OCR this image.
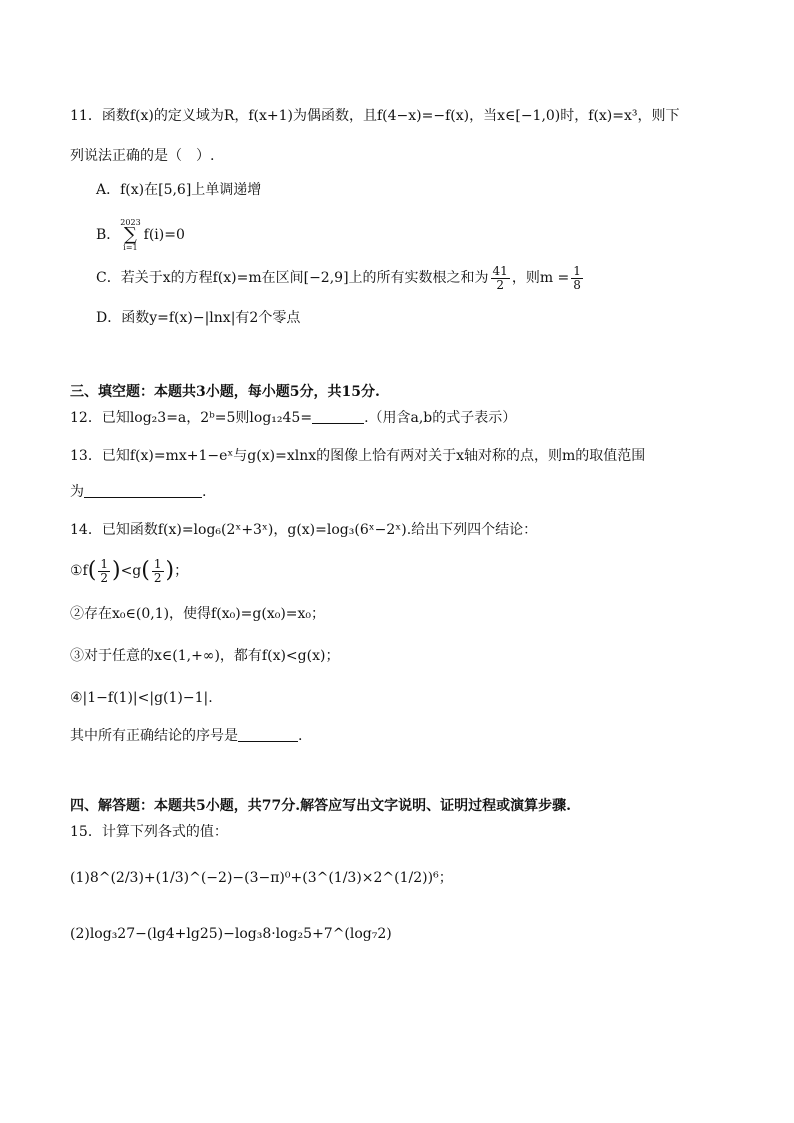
11．函数f(x)的定义域为R，f(x+1)为偶函数，且f(4−x)=−f(x)，当x∈[−1,0)时，f(x)=x³，则下
列说法正确的是（　）.
A．f(x)在[5,6]上单调递增
B．2023
∑
i=1f(i)=0
C．若关于x的方程f(x)=m在区间[−2,9]上的所有实数根之和为 $\frac{41}{2}$ ，则$m = \frac{1}{8}$
D．函数y=f(x)−|lnx|有2个零点
三、填空题：本题共3小题，每小题5分，共15分.
12．已知log₂3=a，2ᵇ=5则log₁₂45=	.（用含a,b的式子表示）
13．已知f(x)=mx+1−eˣ与g(x)=xlnx的图像上恰有两对关于x轴对称的点，则m的取值范围
为	.
14．已知函数f(x)=log₆(2ˣ+3ˣ)，g(x)=log₃(6ˣ−2ˣ).给出下列四个结论：
①f( $\frac{1}{2} )<g( \frac{1}{2}$ )；
②存在x₀∈(0,1)，使得f(x₀)=g(x₀)=x₀；
③对于任意的x∈(1,+∞)，都有f(x)<g(x)；
④|1−f(1)|<|g(1)−1|.
其中所有正确结论的序号是	.
四、解答题：本题共5小题，共77分.解答应写出文字说明、证明过程或演算步骤.
15．计算下列各式的值：
(1)8^(2/3)+(1/3)^(−2)−(3−π)⁰+(3^(1/3)×2^(1/2))⁶；
(2)log₃27−(lg4+lg25)−log₃8·log₂5+7^(log₇2)
